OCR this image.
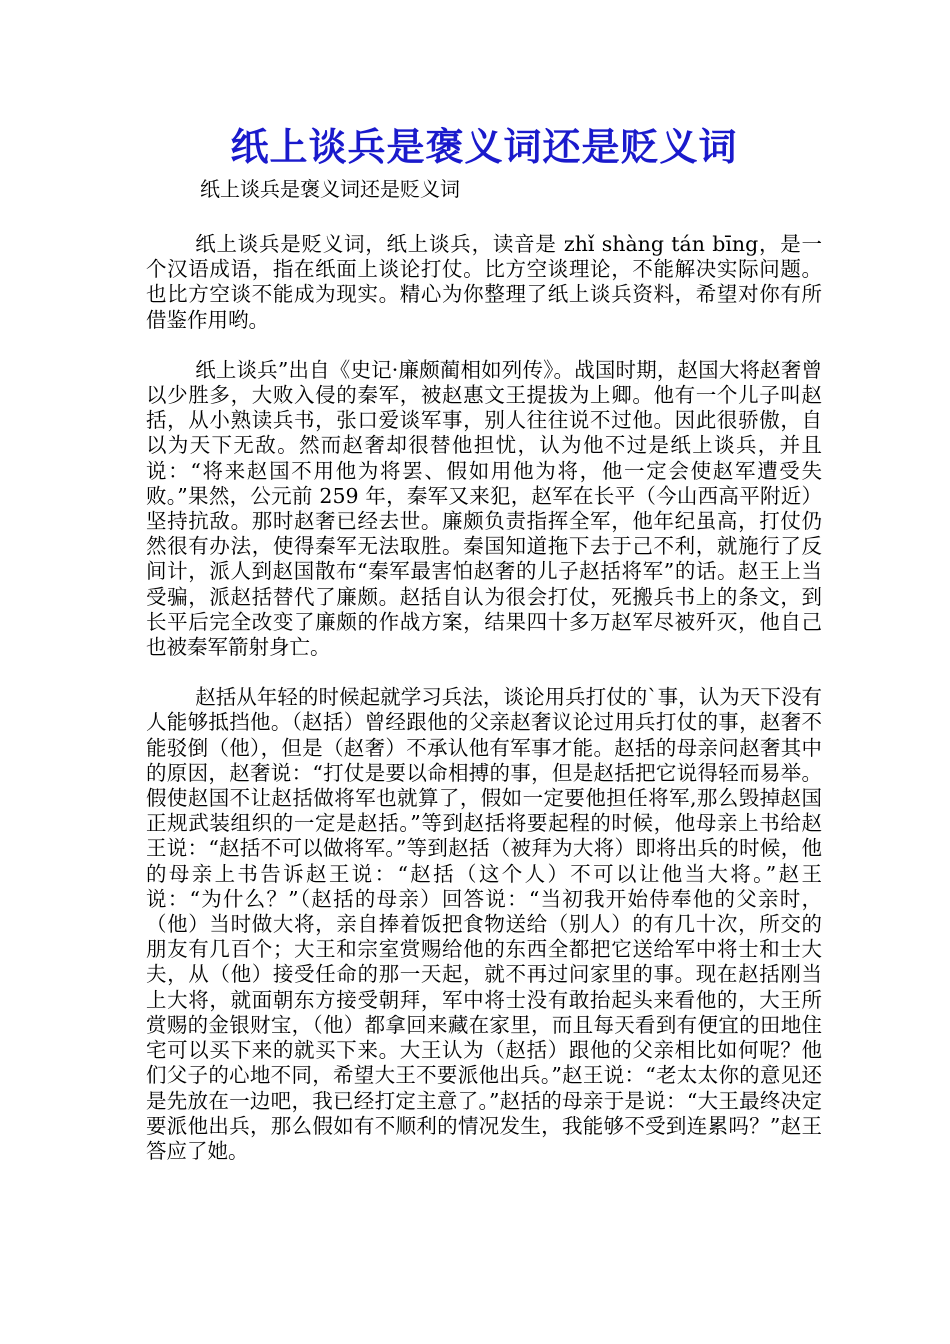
纸上谈兵是褒义词还是贬义词
纸上谈兵是褒义词还是贬义词

纸上谈兵是贬义词，纸上谈兵，读音是 zhǐ shàng tán bīng，是一个汉语成语，指在纸面上谈论打仗。比方空谈理论，不能解决实际问题。也比方空谈不能成为现实。精心为你整理了纸上谈兵资料，希望对你有所借鉴作用哟。

纸上谈兵”出自《史记·廉颇蔺相如列传》。战国时期，赵国大将赵奢曾以少胜多，大败入侵的秦军，被赵惠文王提拔为上卿。他有一个儿子叫赵括，从小熟读兵书，张口爱谈军事，别人往往说不过他。因此很骄傲，自以为天下无敌。然而赵奢却很替他担忧，认为他不过是纸上谈兵，并且说：“将来赵国不用他为将罢、假如用他为将，他一定会使赵军遭受失败。”果然，公元前 259 年，秦军又来犯，赵军在长平（今山西高平附近）坚持抗敌。那时赵奢已经去世。廉颇负责指挥全军，他年纪虽高，打仗仍然很有办法，使得秦军无法取胜。秦国知道拖下去于己不利，就施行了反间计，派人到赵国散布“秦军最害怕赵奢的儿子赵括将军”的话。赵王上当受骗，派赵括替代了廉颇。赵括自认为很会打仗，死搬兵书上的条文，到长平后完全改变了廉颇的作战方案，结果四十多万赵军尽被歼灭，他自己也被秦军箭射身亡。

赵括从年轻的时候起就学习兵法，谈论用兵打仗的`事，认为天下没有人能够抵挡他。（赵括）曾经跟他的父亲赵奢议论过用兵打仗的事，赵奢不能驳倒（他），但是（赵奢）不承认他有军事才能。赵括的母亲问赵奢其中的原因，赵奢说：“打仗是要以命相搏的事，但是赵括把它说得轻而易举。假使赵国不让赵括做将军也就算了，假如一定要他担任将军,那么毁掉赵国正规武装组织的一定是赵括。”等到赵括将要起程的时候，他母亲上书给赵王说：“赵括不可以做将军。”等到赵括（被拜为大将）即将出兵的时候，他的母亲上书告诉赵王说：“赵括（这个人）不可以让他当大将。”赵王说：“为什么？”（赵括的母亲）回答说：“当初我开始侍奉他的父亲时，（他）当时做大将，亲自捧着饭把食物送给（别人）的有几十次，所交的朋友有几百个；大王和宗室赏赐给他的东西全都把它送给军中将士和士大夫，从（他）接受任命的那一天起，就不再过问家里的事。现在赵括刚当上大将，就面朝东方接受朝拜，军中将士没有敢抬起头来看他的，大王所赏赐的金银财宝，（他）都拿回来藏在家里，而且每天看到有便宜的田地住宅可以买下来的就买下来。大王认为（赵括）跟他的父亲相比如何呢？他们父子的心地不同，希望大王不要派他出兵。”赵王说：“老太太你的意见还是先放在一边吧，我已经打定主意了。”赵括的母亲于是说：“大王最终决定要派他出兵，那么假如有不顺利的情况发生，我能够不受到连累吗？”赵王答应了她。
